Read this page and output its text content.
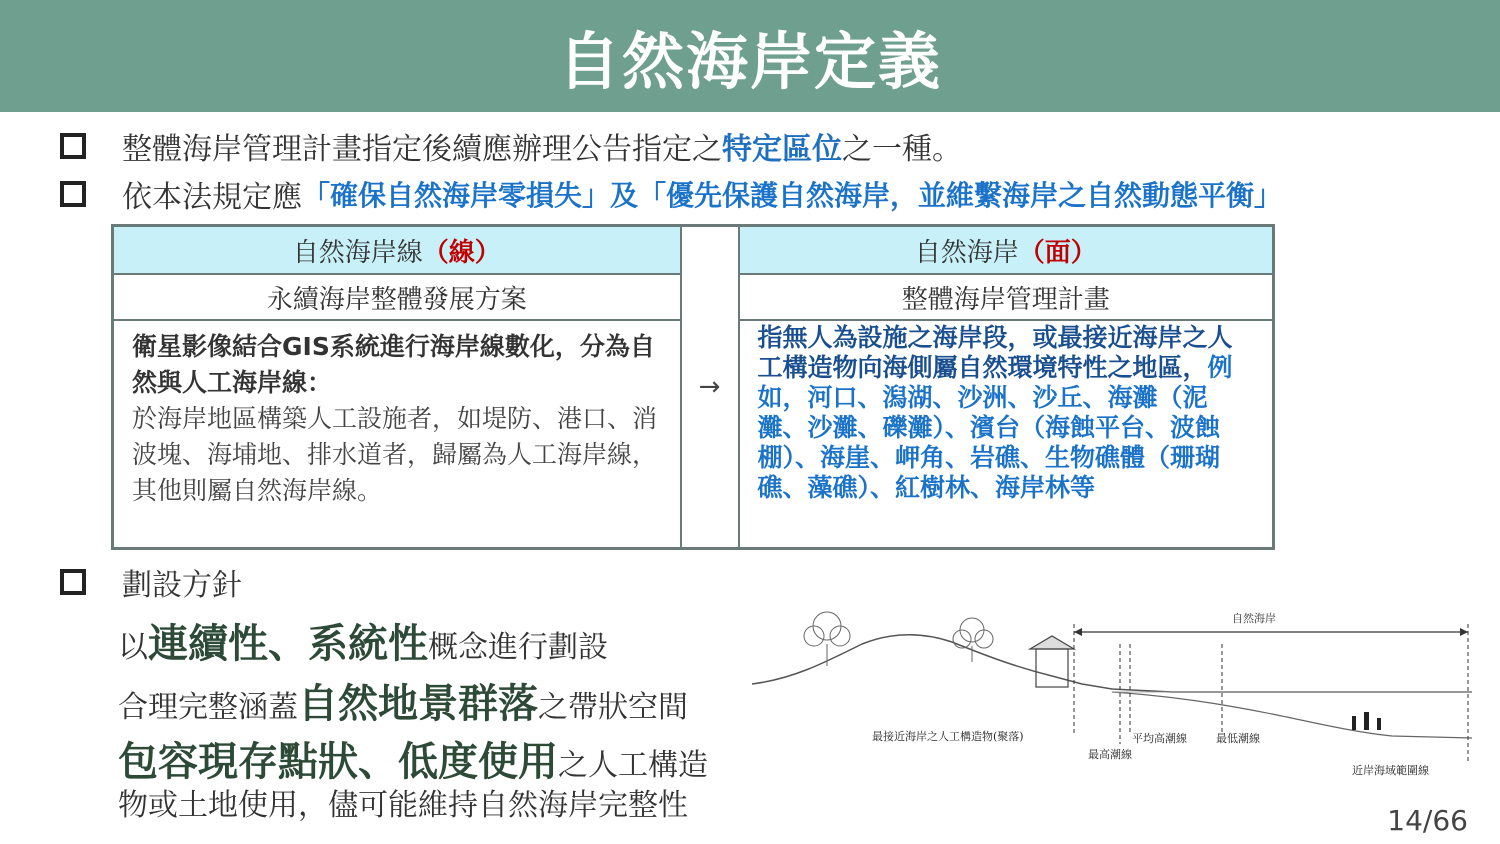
自然海岸定義
整體海岸管理計畫指定後續應辦理公告指定之 特定區位 之一種。
依本法規定應 「確保自然海岸零損失」及「優先保護自然海岸，並維繫海岸之自然動態平衡」
自然海岸線（線）	→	自然海岸（面）
永續海岸整體發展方案		整體海岸管理計畫
衛星影像結合GIS系統進行海岸線數化，分為自然與人工海岸線：
於海岸地區構築人工設施者，如堤防、港口、消波塊、海埔地、排水道者，歸屬為人工海岸線，其他則屬自然海岸線。		指無人為設施之海岸段，或最接近海岸之人工構造物向海側屬自然環境特性之地區，例如，河口、潟湖、沙洲、沙丘、海灘（泥灘、沙灘、礫灘）、濱台（海蝕平台、波蝕棚）、海崖、岬角、岩礁、生物礁體（珊瑚礁、藻礁）、紅樹林、海岸林等
劃設方針
以連續性、系統性概念進行劃設
合理完整涵蓋自然地景群落之帶狀空間
包容現存點狀、低度使用之人工構造
物或土地使用，儘可能維持自然海岸完整性
自然海岸
最接近海岸之人工構造物(聚落)
最高潮線
平均高潮線	最低潮線
近岸海域範圍線
14/66
